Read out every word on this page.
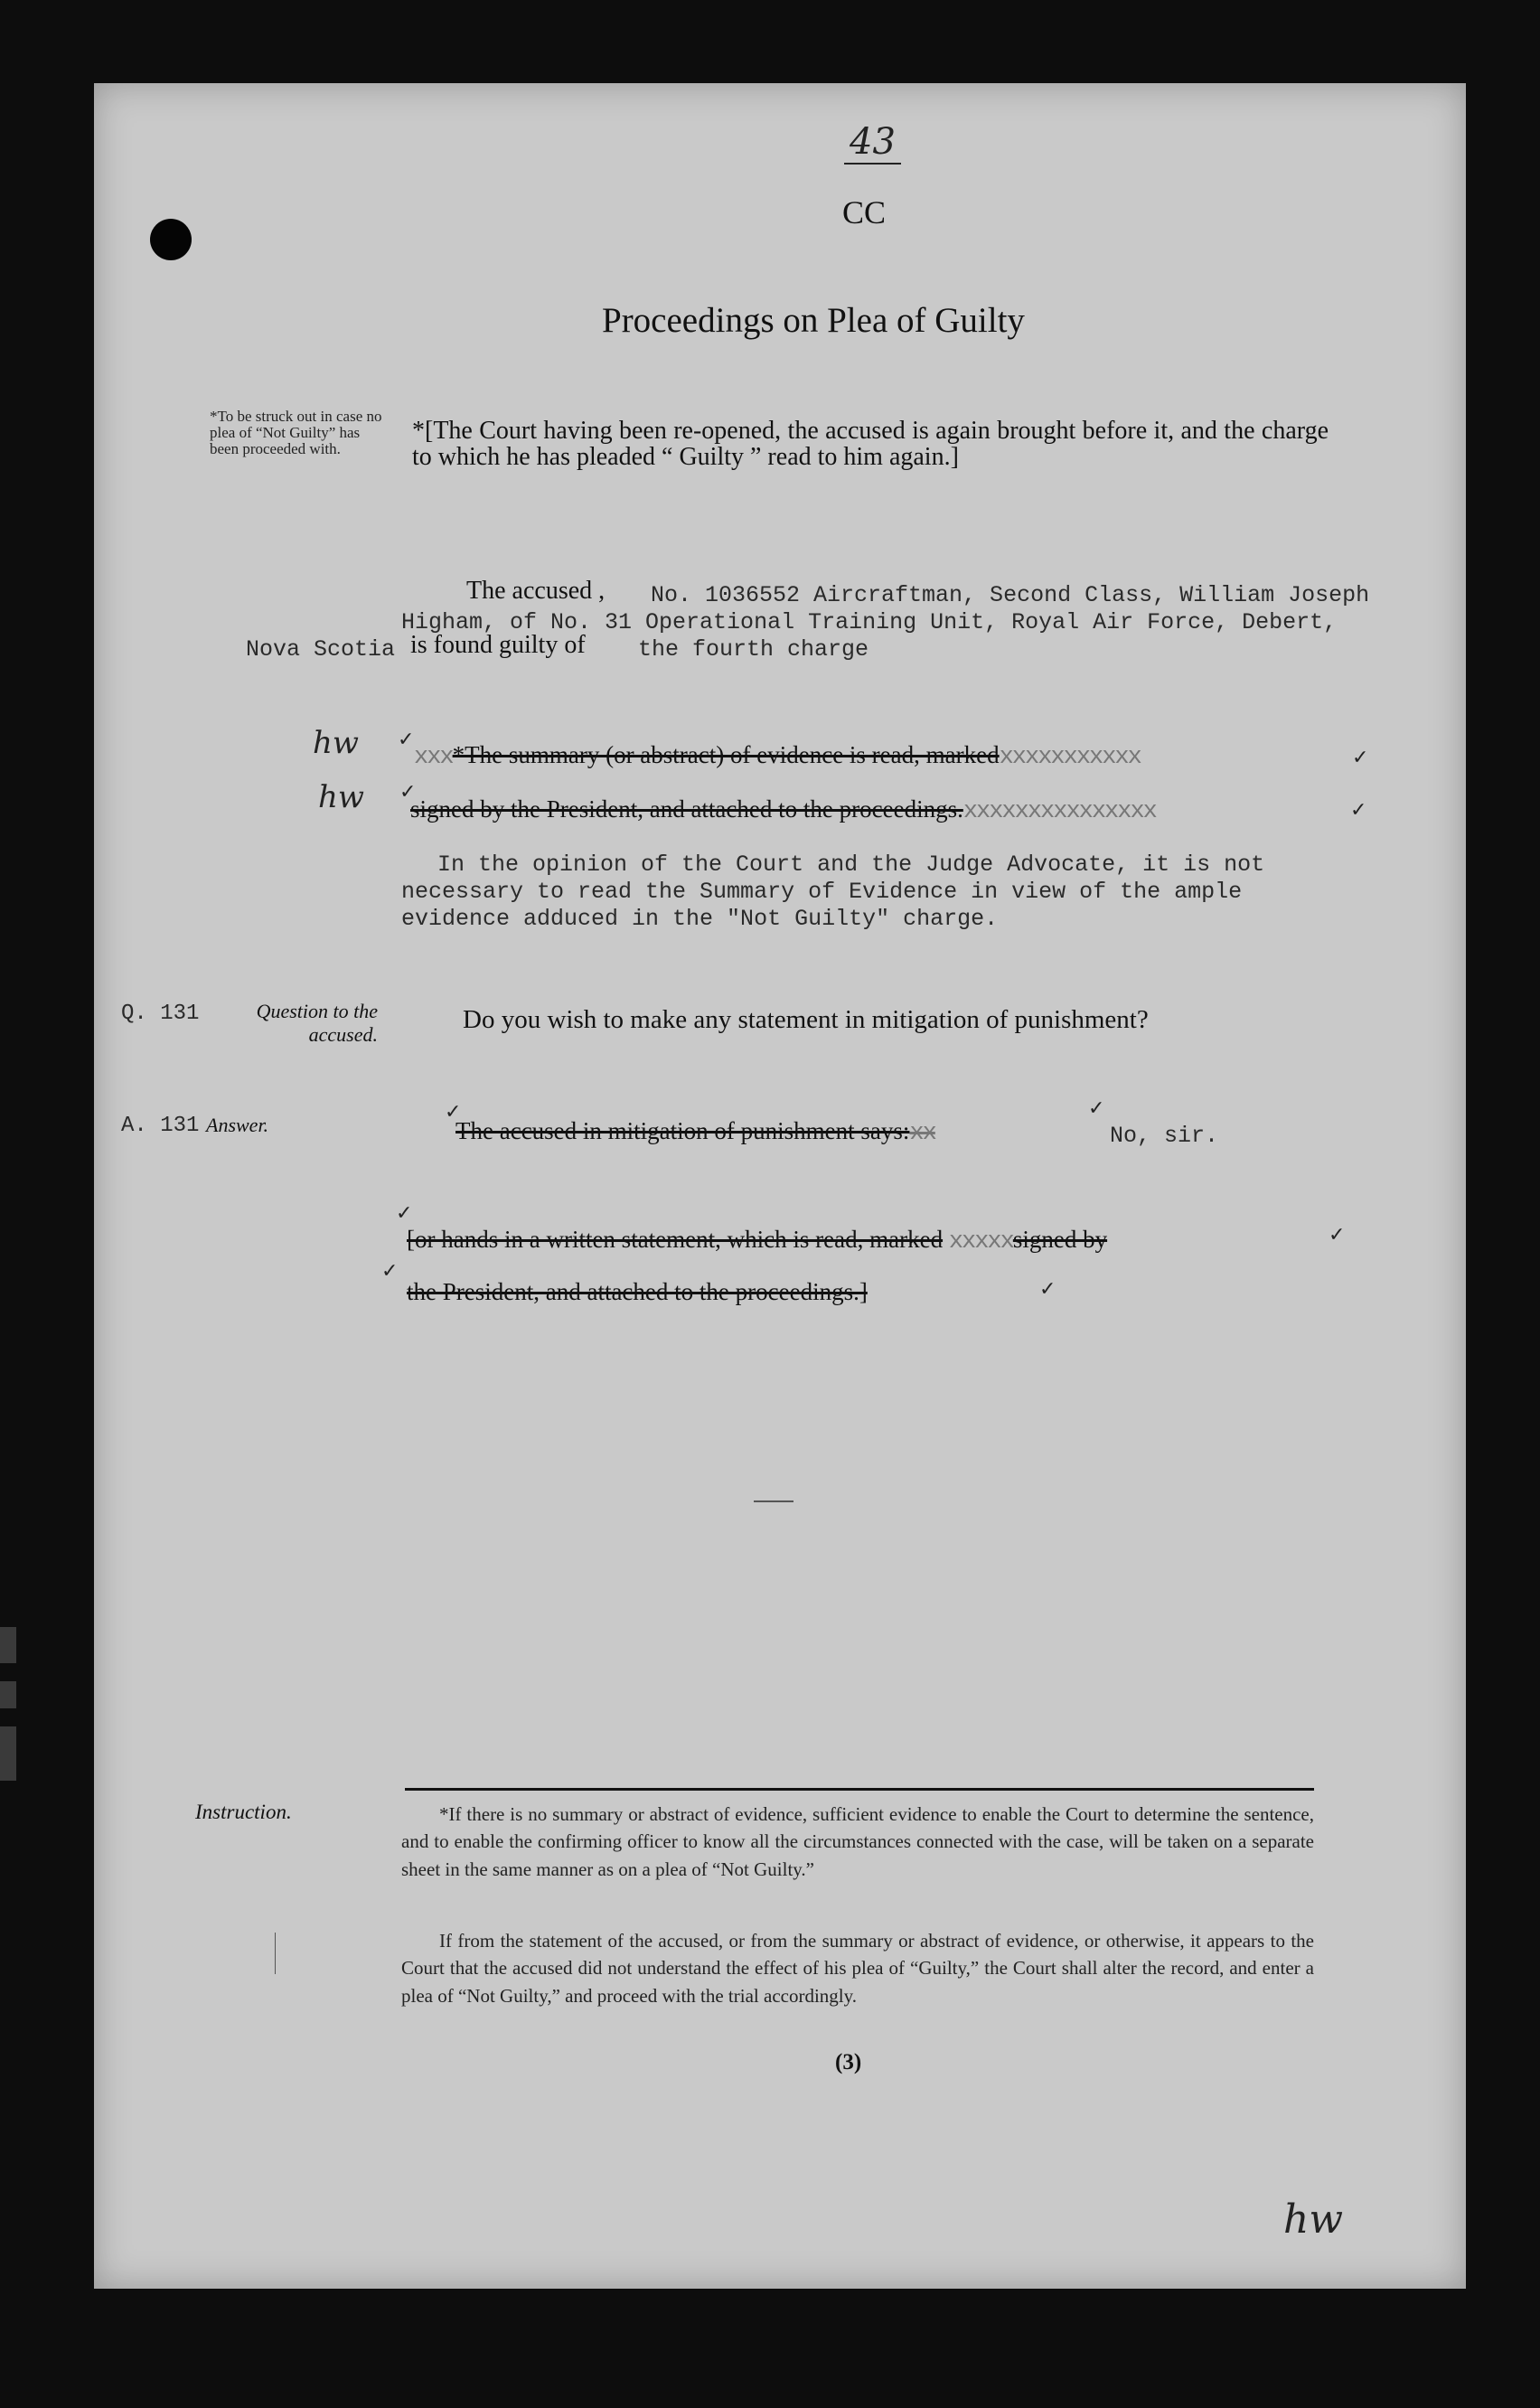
43
CC
Proceedings on Plea of Guilty
*To be struck out in case no plea of “Not Guilty” has been proceeded with.
*[The Court having been re-opened, the accused is again brought before it, and the charge to which he has pleaded “ Guilty ” read to him again.]
The accused , No. 1036552 Aircraftman, Second Class, William Joseph
Higham, of No. 31 Operational Training Unit, Royal Air Force, Debert,
Nova Scotia is found guilty of the fourth charge
hw ✓
hw ✓
xxx*The summary (or abstract) of evidence is read, markedxxxxxxxxxxx	✓
signed by the President, and attached to the proceedings.xxxxxxxxxxxxxxx	✓
In the opinion of the Court and the Judge Advocate, it is not
necessary to read the Summary of Evidence in view of the ample
evidence adduced in the "Not Guilty" charge.
Q. 131	Question to the accused.
Do you wish to make any statement in mitigation of punishment?
A. 131 Answer.
✓
The accused in mitigation of punishment says:xx
✓
No, sir.
✓
[or hands in a written statement, which is read, marked xxxxxsigned by	✓
✓
the President, and attached to the proceedings.]	✓
Instruction.	*If there is no summary or abstract of evidence, sufficient evidence to enable the Court to determine the sentence, and to enable the confirming officer to know all the circumstances connected with the case, will be taken on a separate sheet in the same manner as on a plea of “Not Guilty.”
If from the statement of the accused, or from the summary or abstract of evidence, or otherwise, it appears to the Court that the accused did not understand the effect of his plea of “Guilty,” the Court shall alter the record, and enter a plea of “Not Guilty,” and proceed with the trial accordingly.
(3)
hw
